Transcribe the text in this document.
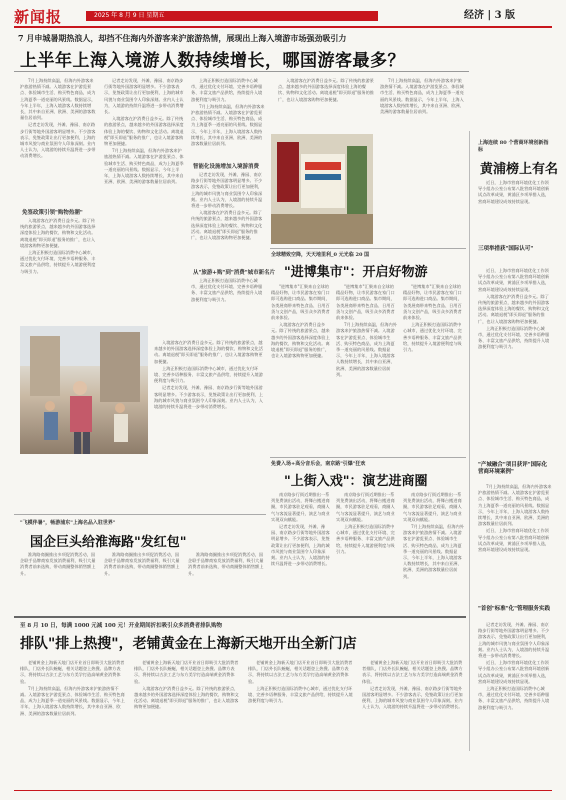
新闻报	2025 年 8 月 9 日 星期五	经济 | 3 版
7 月申城暑期热浪人，却挡不住海内外游客来沪旅游热情，展现出上海入境游市场强劲吸引力
上半年上海入境游人数持续增长，哪国游客最多？

7月上海持续高温，但海内外游客来沪旅游热情不减。入境游客在沪游览景点、体验城市生活、购买特色商品，成为上海夏季一道亮丽的风景线。数据显示，今年上半年，上海入境游客人数持续增长，其中来自亚洲、欧洲、美洲的游客数量位居前列。

记者走访发现，外滩、豫园、南京路步行街等地外国游客明显增多。不少游客表示，免签政策让出行更加便利，上海的城市风貌与商业氛围令人印象深刻。业内人士认为，入境游的持续升温将进一步带动消费增长。

免签政策引领"购物热潮"

入境游客在沪消费日益多元。除了传统的旅游景点，越来越多的外国游客选择深度体验上海的餐饮、购物和文化活动。离境退税"即买即退"服务的推广，也让入境游客购物更加便捷。

上海正积极打造国际消费中心城市，通过优化支付环境、完善多语种服务、丰富文旅产品供给，持续提升入境游便利度与吸引力。

记者走访发现，外滩、豫园、南京路步行街等地外国游客明显增多。不少游客表示，免签政策让出行更加便利，上海的城市风貌与商业氛围令人印象深刻。业内人士认为，入境游的持续升温将进一步带动消费增长。

入境游客在沪消费日益多元。除了传统的旅游景点，越来越多的外国游客选择深度体验上海的餐饮、购物和文化活动。离境退税"即买即退"服务的推广，也让入境游客购物更加便捷。

7月上海持续高温，但海内外游客来沪旅游热情不减。入境游客在沪游览景点、体验城市生活、购买特色商品，成为上海夏季一道亮丽的风景线。数据显示，今年上半年，上海入境游客人数持续增长，其中来自亚洲、欧洲、美洲的游客数量位居前列。

上海正积极打造国际消费中心城市，通过优化支付环境、完善多语种服务、丰富文旅产品供给，持续提升入境游便利度与吸引力。

7月上海持续高温，但海内外游客来沪旅游热情不减。入境游客在沪游览景点、体验城市生活、购买特色商品，成为上海夏季一道亮丽的风景线。数据显示，今年上半年，上海入境游客人数持续增长，其中来自亚洲、欧洲、美洲的游客数量位居前列。

智能化设施增加入境游消费

记者走访发现，外滩、豫园、南京路步行街等地外国游客明显增多。不少游客表示，免签政策让出行更加便利，上海的城市风貌与商业氛围令人印象深刻。业内人士认为，入境游的持续升温将进一步带动消费增长。

入境游客在沪消费日益多元。除了传统的旅游景点，越来越多的外国游客选择深度体验上海的餐饮、购物和文化活动。离境退税"即买即退"服务的推广，也让入境游客购物更加便捷。

从"旅游+购"到"消费"城市新名片

上海正积极打造国际消费中心城市，通过优化支付环境、完善多语种服务、丰富文旅产品供给，持续提升入境游便利度与吸引力。

入境游客在沪消费日益多元。除了传统的旅游景点，越来越多的外国游客选择深度体验上海的餐饮、购物和文化活动。离境退税"即买即退"服务的推广，也让入境游客购物更加便捷。

7月上海持续高温，但海内外游客来沪旅游热情不减。入境游客在沪游览景点、体验城市生活、购买特色商品，成为上海夏季一道亮丽的风景线。数据显示，今年上半年，上海入境游客人数持续增长，其中来自亚洲、欧洲、美洲的游客数量位居前列。

上海连续 80 个营商环境创新指标
黄浦榜上有名

近日，上海市营商环境优化工作领导小组办公室公布第八批营商环境创新试点改革成果，黄浦区多项举措入选，营商环境建设成效持续显现。

三项举措获"国际认可"

近日，上海市营商环境优化工作领导小组办公室公布第八批营商环境创新试点改革成果，黄浦区多项举措入选，营商环境建设成效持续显现。

入境游客在沪消费日益多元。除了传统的旅游景点，越来越多的外国游客选择深度体验上海的餐饮、购物和文化活动。离境退税"即买即退"服务的推广，也让入境游客购物更加便捷。

上海正积极打造国际消费中心城市，通过优化支付环境、完善多语种服务、丰富文旅产品供给，持续提升入境游便利度与吸引力。

"产城融合"项目获评"国际化营商环境案例"

7月上海持续高温，但海内外游客来沪旅游热情不减。入境游客在沪游览景点、体验城市生活、购买特色商品，成为上海夏季一道亮丽的风景线。数据显示，今年上半年，上海入境游客人数持续增长，其中来自亚洲、欧洲、美洲的游客数量位居前列。

近日，上海市营商环境优化工作领导小组办公室公布第八批营商环境创新试点改革成果，黄浦区多项举措入选，营商环境建设成效持续显现。

"首创"标准"化"管理服务实践

记者走访发现，外滩、豫园、南京路步行街等地外国游客明显增多。不少游客表示，免签政策让出行更加便利，上海的城市风貌与商业氛围令人印象深刻。业内人士认为，入境游的持续升温将进一步带动消费增长。

近日，上海市营商环境优化工作领导小组办公室公布第八批营商环境创新试点改革成果，黄浦区多项举措入选，营商环境建设成效持续显现。

上海正积极打造国际消费中心城市，通过优化支付环境、完善多语种服务、丰富文旅产品供给，持续提升入境游便利度与吸引力。

全球精致空降，天天地里利_0 元光临 20 国
"进博集市"：开启好物游

"进博集市"汇聚来自全球的精品好物，让市民游客在家门口即可选购进口商品。集市期间，各类展商带来特色食品、日用百货与文创产品，吸引众多消费者前来体验。

入境游客在沪消费日益多元。除了传统的旅游景点，越来越多的外国游客选择深度体验上海的餐饮、购物和文化活动。离境退税"即买即退"服务的推广，也让入境游客购物更加便捷。

"进博集市"汇聚来自全球的精品好物，让市民游客在家门口即可选购进口商品。集市期间，各类展商带来特色食品、日用百货与文创产品，吸引众多消费者前来体验。

7月上海持续高温，但海内外游客来沪旅游热情不减。入境游客在沪游览景点、体验城市生活、购买特色商品，成为上海夏季一道亮丽的风景线。数据显示，今年上半年，上海入境游客人数持续增长，其中来自亚洲、欧洲、美洲的游客数量位居前列。

"进博集市"汇聚来自全球的精品好物，让市民游客在家门口即可选购进口商品。集市期间，各类展商带来特色食品、日用百货与文创产品，吸引众多消费者前来体验。

上海正积极打造国际消费中心城市，通过优化支付环境、完善多语种服务、丰富文旅产品供给，持续提升入境游便利度与吸引力。

免费入场+高分音乐会，南京路"引爆"狂欢
"上街入戏"：演艺进商圈

南京路步行街近期推出一系列免费演出活动，将舞台搬进商圈，市民游客驻足观看，商圈人气与客流显著提升，演艺与商业实现双向赋能。

记者走访发现，外滩、豫园、南京路步行街等地外国游客明显增多。不少游客表示，免签政策让出行更加便利，上海的城市风貌与商业氛围令人印象深刻。业内人士认为，入境游的持续升温将进一步带动消费增长。

南京路步行街近期推出一系列免费演出活动，将舞台搬进商圈，市民游客驻足观看，商圈人气与客流显著提升，演艺与商业实现双向赋能。

上海正积极打造国际消费中心城市，通过优化支付环境、完善多语种服务、丰富文旅产品供给，持续提升入境游便利度与吸引力。

南京路步行街近期推出一系列免费演出活动，将舞台搬进商圈，市民游客驻足观看，商圈人气与客流显著提升，演艺与商业实现双向赋能。

7月上海持续高温，但海内外游客来沪旅游热情不减。入境游客在沪游览景点、体验城市生活、购买特色商品，成为上海夏季一道亮丽的风景线。数据显示，今年上半年，上海入境游客人数持续增长，其中来自亚洲、欧洲、美洲的游客数量位居前列。

入境游客在沪消费日益多元。除了传统的旅游景点，越来越多的外国游客选择深度体验上海的餐饮、购物和文化活动。离境退税"即买即退"服务的推广，也让入境游客购物更加便捷。

上海正积极打造国际消费中心城市，通过优化支付环境、完善多语种服务、丰富文旅产品供给，持续提升入境游便利度与吸引力。

记者走访发现，外滩、豫园、南京路步行街等地外国游客明显增多。不少游客表示，免签政策让出行更加便利，上海的城市风貌与商业氛围令人印象深刻。业内人士认为，入境游的持续升温将进一步带动消费增长。

"飞模伴暑"，畅游浦东"上海名品入驻世界"
国企巨头给淮海路"发红包"

淮海路商圈推出多项促消费活动，国企联手品牌商家发放消费福利，吸引大量消费者前来选购，带动商圈整体销售额上升。

淮海路商圈推出多项促消费活动，国企联手品牌商家发放消费福利，吸引大量消费者前来选购，带动商圈整体销售额上升。

淮海路商圈推出多项促消费活动，国企联手品牌商家发放消费福利，吸引大量消费者前来选购，带动商圈整体销售额上升。

至 8 月 10 日，每满 1000 元减 100 元！开业期间折扣吸引众多消费者排队购物
排队"排上热搜"，老铺黄金在上海新天地开出全新门店

老铺黄金上海新天地门店开业首日即吸引大批消费者排队，门店外长队蜿蜒，相关话题登上热搜。品牌方表示，将持续以古法工艺与东方美学打造高端黄金消费体验。

7月上海持续高温，但海内外游客来沪旅游热情不减。入境游客在沪游览景点、体验城市生活、购买特色商品，成为上海夏季一道亮丽的风景线。数据显示，今年上半年，上海入境游客人数持续增长，其中来自亚洲、欧洲、美洲的游客数量位居前列。

老铺黄金上海新天地门店开业首日即吸引大批消费者排队，门店外长队蜿蜒，相关话题登上热搜。品牌方表示，将持续以古法工艺与东方美学打造高端黄金消费体验。

入境游客在沪消费日益多元。除了传统的旅游景点，越来越多的外国游客选择深度体验上海的餐饮、购物和文化活动。离境退税"即买即退"服务的推广，也让入境游客购物更加便捷。

老铺黄金上海新天地门店开业首日即吸引大批消费者排队，门店外长队蜿蜒，相关话题登上热搜。品牌方表示，将持续以古法工艺与东方美学打造高端黄金消费体验。

上海正积极打造国际消费中心城市，通过优化支付环境、完善多语种服务、丰富文旅产品供给，持续提升入境游便利度与吸引力。

老铺黄金上海新天地门店开业首日即吸引大批消费者排队，门店外长队蜿蜒，相关话题登上热搜。品牌方表示，将持续以古法工艺与东方美学打造高端黄金消费体验。

记者走访发现，外滩、豫园、南京路步行街等地外国游客明显增多。不少游客表示，免签政策让出行更加便利，上海的城市风貌与商业氛围令人印象深刻。业内人士认为，入境游的持续升温将进一步带动消费增长。
